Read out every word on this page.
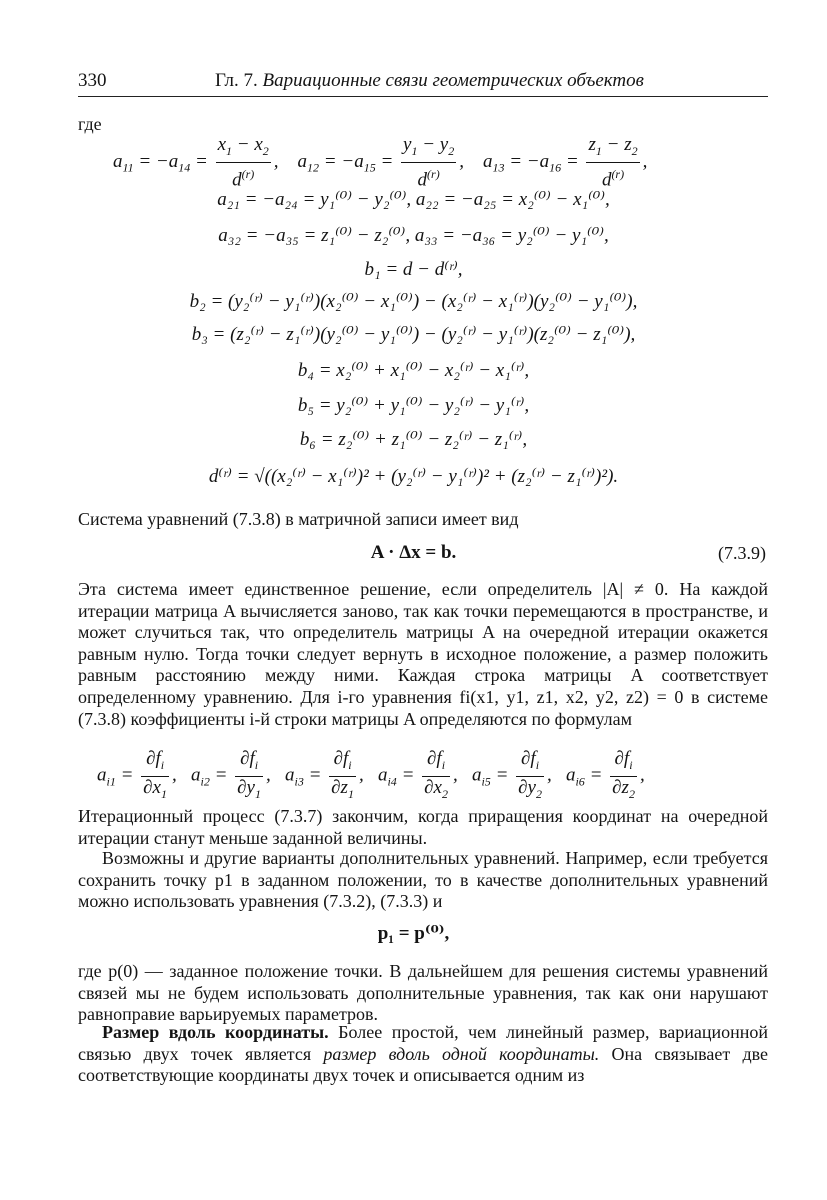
330	Гл. 7. Вариационные связи геометрических объектов
где
$a_{11} = -a_{14} = \frac{x_1 - x_2}{d^{(r)}}$ ,    $a_{12} = -a_{15} = \frac{y_1 - y_2}{d^{(r)}}$ ,    $a_{13} = -a_{16} = \frac{z_1 - z_2}{d^{(r)}}$ ,
a₂₁ = −a₂₄ = y₁⁽⁰⁾ − y₂⁽⁰⁾, a₂₂ = −a₂₅ = x₂⁽⁰⁾ − x₁⁽⁰⁾,
a₃₂ = −a₃₅ = z₁⁽⁰⁾ − z₂⁽⁰⁾, a₃₃ = −a₃₆ = y₂⁽⁰⁾ − y₁⁽⁰⁾,
b₁ = d − d⁽ʳ⁾,
b₂ = (y₂⁽ʳ⁾ − y₁⁽ʳ⁾)(x₂⁽⁰⁾ − x₁⁽⁰⁾) − (x₂⁽ʳ⁾ − x₁⁽ʳ⁾)(y₂⁽⁰⁾ − y₁⁽⁰⁾),
b₃ = (z₂⁽ʳ⁾ − z₁⁽ʳ⁾)(y₂⁽⁰⁾ − y₁⁽⁰⁾) − (y₂⁽ʳ⁾ − y₁⁽ʳ⁾)(z₂⁽⁰⁾ − z₁⁽⁰⁾),
b₄ = x₂⁽⁰⁾ + x₁⁽⁰⁾ − x₂⁽ʳ⁾ − x₁⁽ʳ⁾,
b₅ = y₂⁽⁰⁾ + y₁⁽⁰⁾ − y₂⁽ʳ⁾ − y₁⁽ʳ⁾,
b₆ = z₂⁽⁰⁾ + z₁⁽⁰⁾ − z₂⁽ʳ⁾ − z₁⁽ʳ⁾,
d⁽ʳ⁾ = √((x₂⁽ʳ⁾ − x₁⁽ʳ⁾)² + (y₂⁽ʳ⁾ − y₁⁽ʳ⁾)² + (z₂⁽ʳ⁾ − z₁⁽ʳ⁾)²).
Система уравнений (7.3.8) в матричной записи имеет вид
A · Δx = b.	(7.3.9)
Эта система имеет единственное решение, если определитель |A| ≠ 0. На каждой итерации матрица A вычисляется заново, так как точки перемещаются в пространстве, и может случиться так, что определитель матрицы A на очередной итерации окажется равным нулю. Тогда точки следует вернуть в исходное положение, а размер положить равным расстоянию между ними. Каждая строка матрицы A соответствует определенному уравнению. Для i-го уравнения fi(x1, y1, z1, x2, y2, z2) = 0 в системе (7.3.8) коэффициенты i-й строки матрицы A определяются по формулам
$a_{i1} = \frac{\partial f_i}{\partial x_1}$ ,   $a_{i2} = \frac{\partial f_i}{\partial y_1}$ ,   $a_{i3} = \frac{\partial f_i}{\partial z_1}$ ,   $a_{i4} = \frac{\partial f_i}{\partial x_2}$ ,   $a_{i5} = \frac{\partial f_i}{\partial y_2}$ ,   $a_{i6} = \frac{\partial f_i}{\partial z_2}$ ,
Итерационный процесс (7.3.7) закончим, когда приращения координат на очередной итерации станут меньше заданной величины.
Возможны и другие варианты дополнительных уравнений. Например, если требуется сохранить точку p1 в заданном положении, то в качестве дополнительных уравнений можно использовать уравнения (7.3.2), (7.3.3) и
p₁ = p⁽⁰⁾,
где p(0) — заданное положение точки. В дальнейшем для решения системы уравнений связей мы не будем использовать дополнительные уравнения, так как они нарушают равноправие варьируемых параметров.
Размер вдоль координаты. Более простой, чем линейный размер, вариационной связью двух точек является размер вдоль одной координаты. Она связывает две соответствующие координаты двух точек и описывается одним из
